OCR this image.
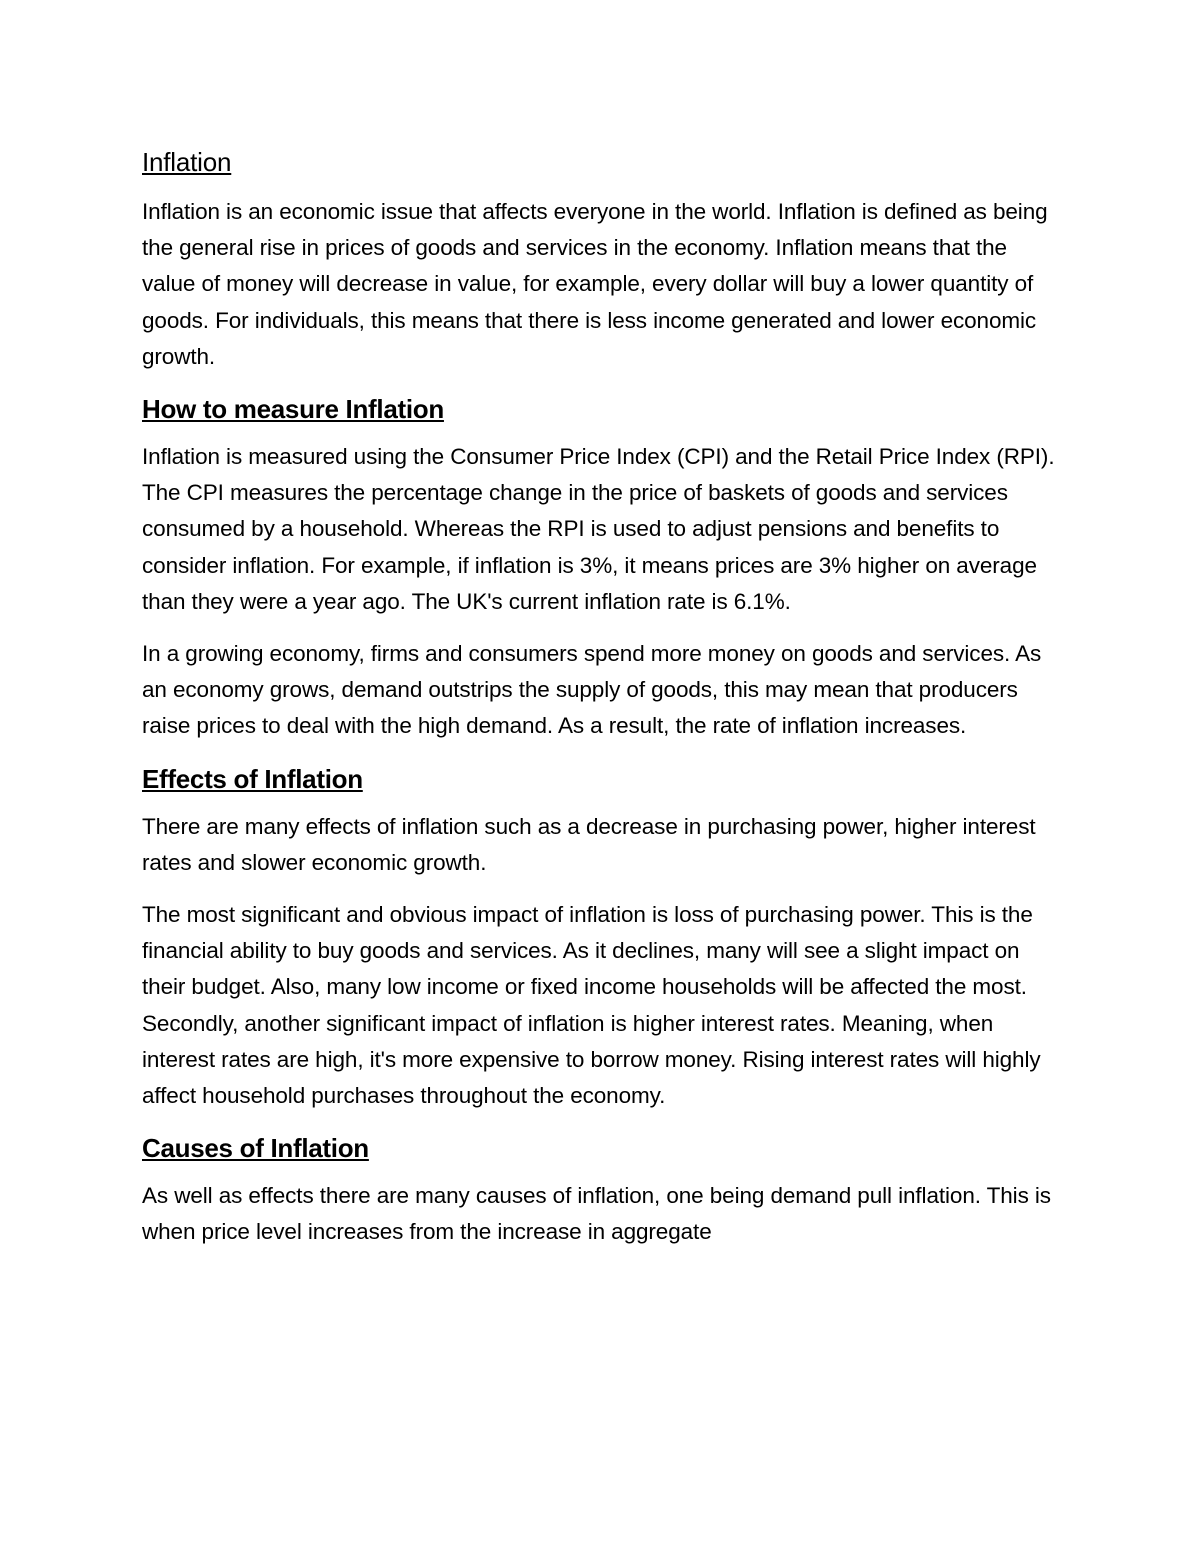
Inflation

Inflation is an economic issue that affects everyone in the world. Inflation is defined as being the general rise in prices of goods and services in the economy. Inflation means that the value of money will decrease in value, for example, every dollar will buy a lower quantity of goods. For individuals, this means that there is less income generated and lower economic growth.

How to measure Inflation

Inflation is measured using the Consumer Price Index (CPI) and the Retail Price Index (RPI). The CPI measures the percentage change in the price of baskets of goods and services consumed by a household. Whereas the RPI is used to adjust pensions and benefits to consider inflation. For example, if inflation is 3%, it means prices are 3% higher on average than they were a year ago. The UK's current inflation rate is 6.1%.

In a growing economy, firms and consumers spend more money on goods and services. As an economy grows, demand outstrips the supply of goods, this may mean that producers raise prices to deal with the high demand. As a result, the rate of inflation increases.

Effects of Inflation

There are many effects of inflation such as a decrease in purchasing power, higher interest rates and slower economic growth.

The most significant and obvious impact of inflation is loss of purchasing power. This is the financial ability to buy goods and services. As it declines, many will see a slight impact on their budget. Also, many low income or fixed income households will be affected the most. Secondly, another significant impact of inflation is higher interest rates. Meaning, when interest rates are high, it's more expensive to borrow money. Rising interest rates will highly affect household purchases throughout the economy.

Causes of Inflation

As well as effects there are many causes of inflation, one being demand pull inflation. This is when price level increases from the increase in aggregate
